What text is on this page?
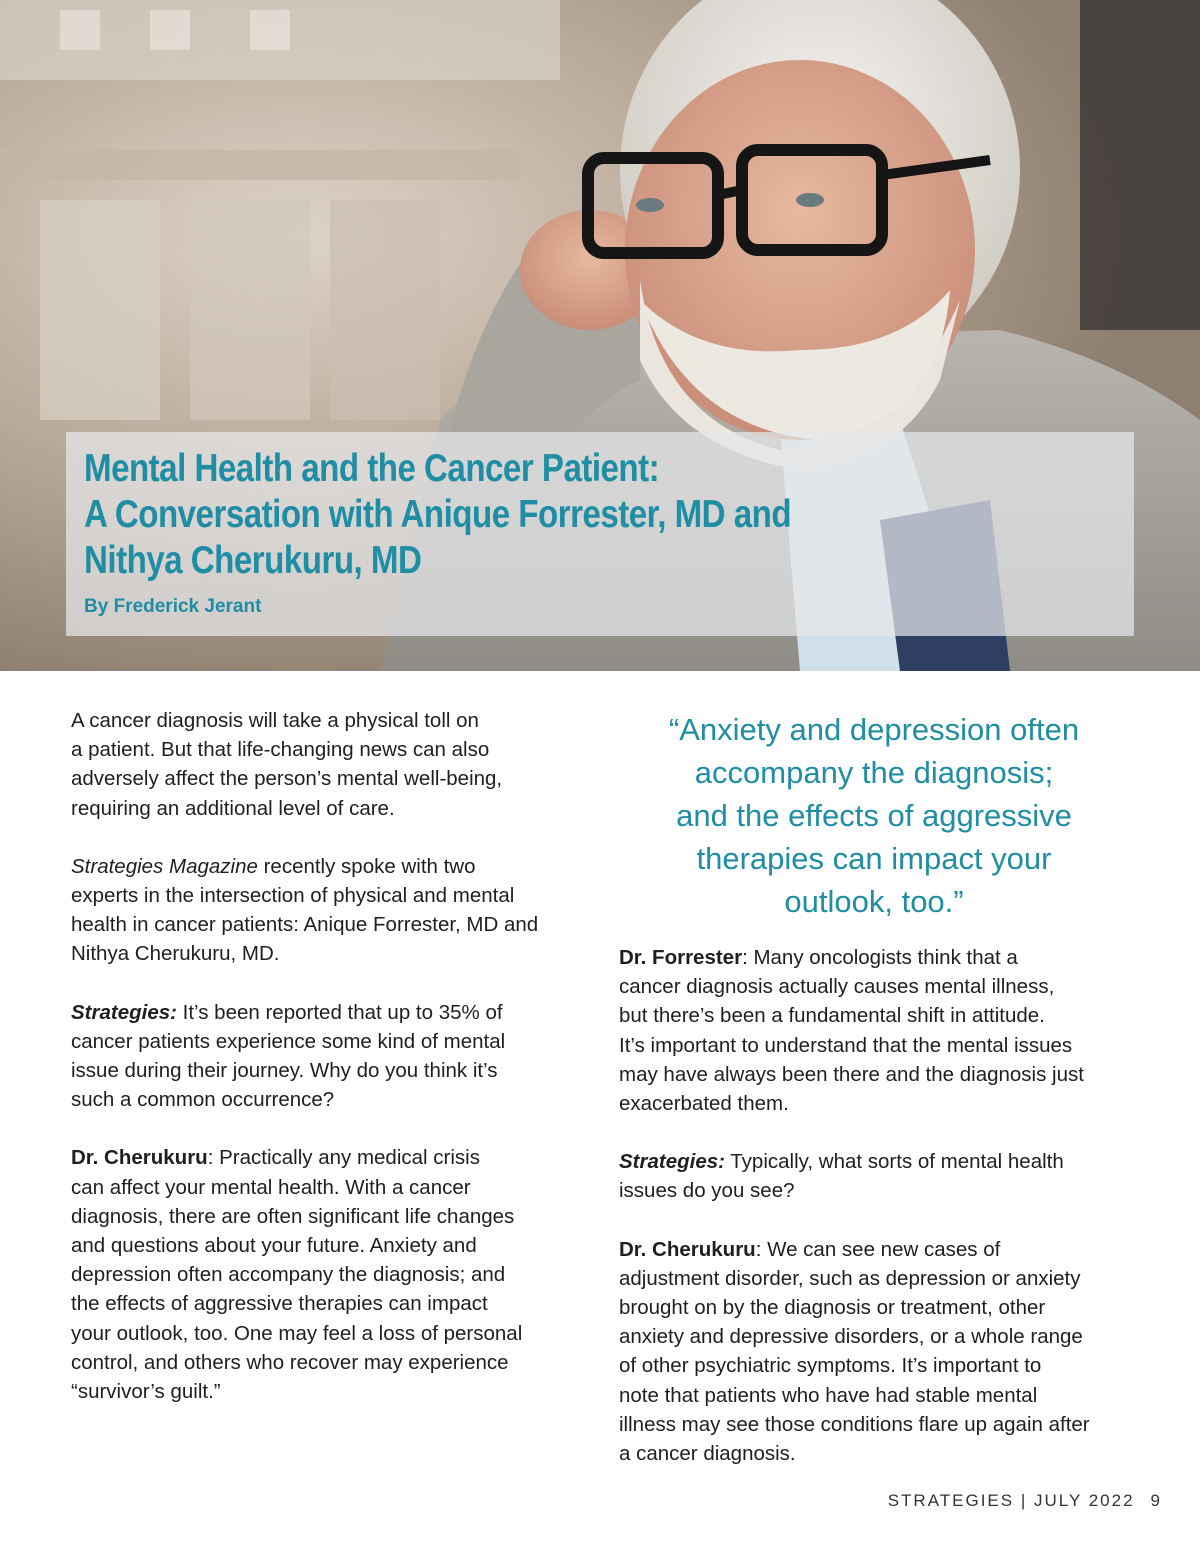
Mental Health and the Cancer Patient:
A Conversation with Anique Forrester, MD and
Nithya Cherukuru, MD
By Frederick Jerant

A cancer diagnosis will take a physical toll on
a patient. But that life-changing news can also
adversely affect the person’s mental well-being,
requiring an additional level of care.

Strategies Magazine recently spoke with two
experts in the intersection of physical and mental
health in cancer patients: Anique Forrester, MD and
Nithya Cherukuru, MD.

Strategies: It’s been reported that up to 35% of
cancer patients experience some kind of mental
issue during their journey. Why do you think it’s
such a common occurrence?

Dr. Cherukuru: Practically any medical crisis
can affect your mental health. With a cancer
diagnosis, there are often significant life changes
and questions about your future. Anxiety and
depression often accompany the diagnosis; and
the effects of aggressive therapies can impact
your outlook, too. One may feel a loss of personal
control, and others who recover may experience
“survivor’s guilt.”

“Anxiety and depression often
accompany the diagnosis;
and the effects of aggressive
therapies can impact your
outlook, too.”

Dr. Forrester: Many oncologists think that a
cancer diagnosis actually causes mental illness,
but there’s been a fundamental shift in attitude.
It’s important to understand that the mental issues
may have always been there and the diagnosis just
exacerbated them.

Strategies: Typically, what sorts of mental health
issues do you see?

Dr. Cherukuru: We can see new cases of
adjustment disorder, such as depression or anxiety
brought on by the diagnosis or treatment, other
anxiety and depressive disorders, or a whole range
of other psychiatric symptoms. It’s important to
note that patients who have had stable mental
illness may see those conditions flare up again after
a cancer diagnosis.

STRATEGIES | JULY 2022 9
